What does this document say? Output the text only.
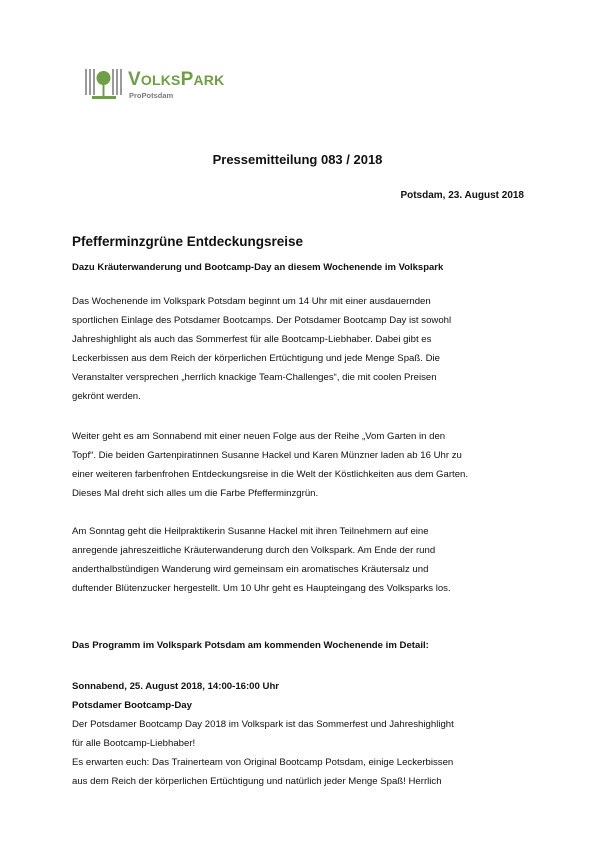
VOLKSPARK
ProPotsdam
Pressemitteilung 083 / 2018
Potsdam, 23. August 2018
Pfefferminzgrüne Entdeckungsreise
Dazu Kräuterwanderung und Bootcamp-Day an diesem Wochenende im Volkspark

Das Wochenende im Volkspark Potsdam beginnt um 14 Uhr mit einer ausdauernden
sportlichen Einlage des Potsdamer Bootcamps. Der Potsdamer Bootcamp Day ist sowohl
Jahreshighlight als auch das Sommerfest für alle Bootcamp-Liebhaber. Dabei gibt es
Leckerbissen aus dem Reich der körperlichen Ertüchtigung und jede Menge Spaß. Die
Veranstalter versprechen „herrlich knackige Team-Challenges“, die mit coolen Preisen
gekrönt werden.

Weiter geht es am Sonnabend mit einer neuen Folge aus der Reihe „Vom Garten in den
Topf“. Die beiden Gartenpiratinnen Susanne Hackel und Karen Münzner laden ab 16 Uhr zu
einer weiteren farbenfrohen Entdeckungsreise in die Welt der Köstlichkeiten aus dem Garten.
Dieses Mal dreht sich alles um die Farbe Pfefferminzgrün.

Am Sonntag geht die Heilpraktikerin Susanne Hackel mit ihren Teilnehmern auf eine
anregende jahreszeitliche Kräuterwanderung durch den Volkspark. Am Ende der rund
anderthalbstündigen Wanderung wird gemeinsam ein aromatisches Kräutersalz und
duftender Blütenzucker hergestellt. Um 10 Uhr geht es Haupteingang des Volksparks los.

Das Programm im Volkspark Potsdam am kommenden Wochenende im Detail:

Sonnabend, 25. August 2018, 14:00-16:00 Uhr
Potsdamer Bootcamp-Day
Der Potsdamer Bootcamp Day 2018 im Volkspark ist das Sommerfest und Jahreshighlight
für alle Bootcamp-Liebhaber!
Es erwarten euch: Das Trainerteam von Original Bootcamp Potsdam, einige Leckerbissen
aus dem Reich der körperlichen Ertüchtigung und natürlich jeder Menge Spaß! Herrlich
